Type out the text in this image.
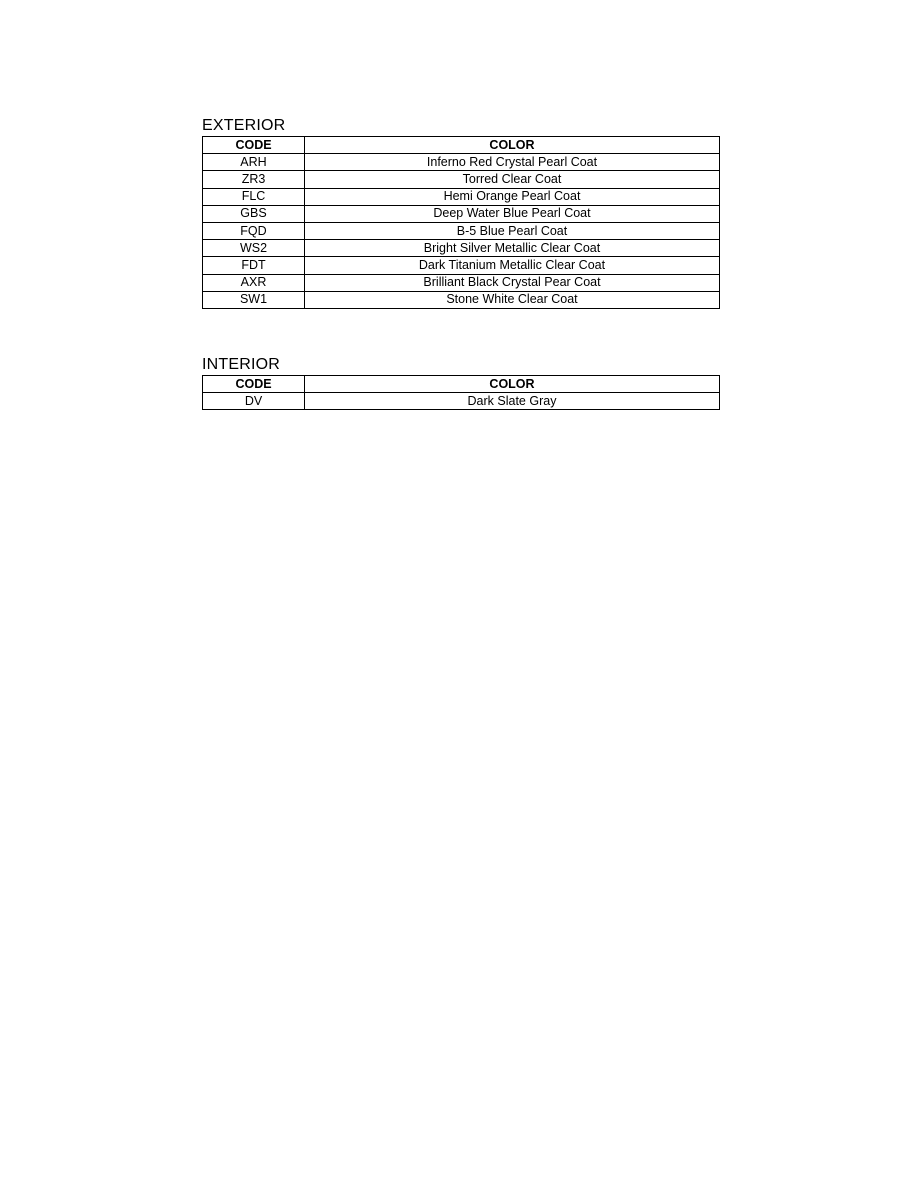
EXTERIOR
CODE	COLOR
ARH	Inferno Red Crystal Pearl Coat
ZR3	Torred Clear Coat
FLC	Hemi Orange Pearl Coat
GBS	Deep Water Blue Pearl Coat
FQD	B-5 Blue Pearl Coat
WS2	Bright Silver Metallic Clear Coat
FDT	Dark Titanium Metallic Clear Coat
AXR	Brilliant Black Crystal Pear Coat
SW1	Stone White Clear Coat
INTERIOR
CODE	COLOR
DV	Dark Slate Gray
